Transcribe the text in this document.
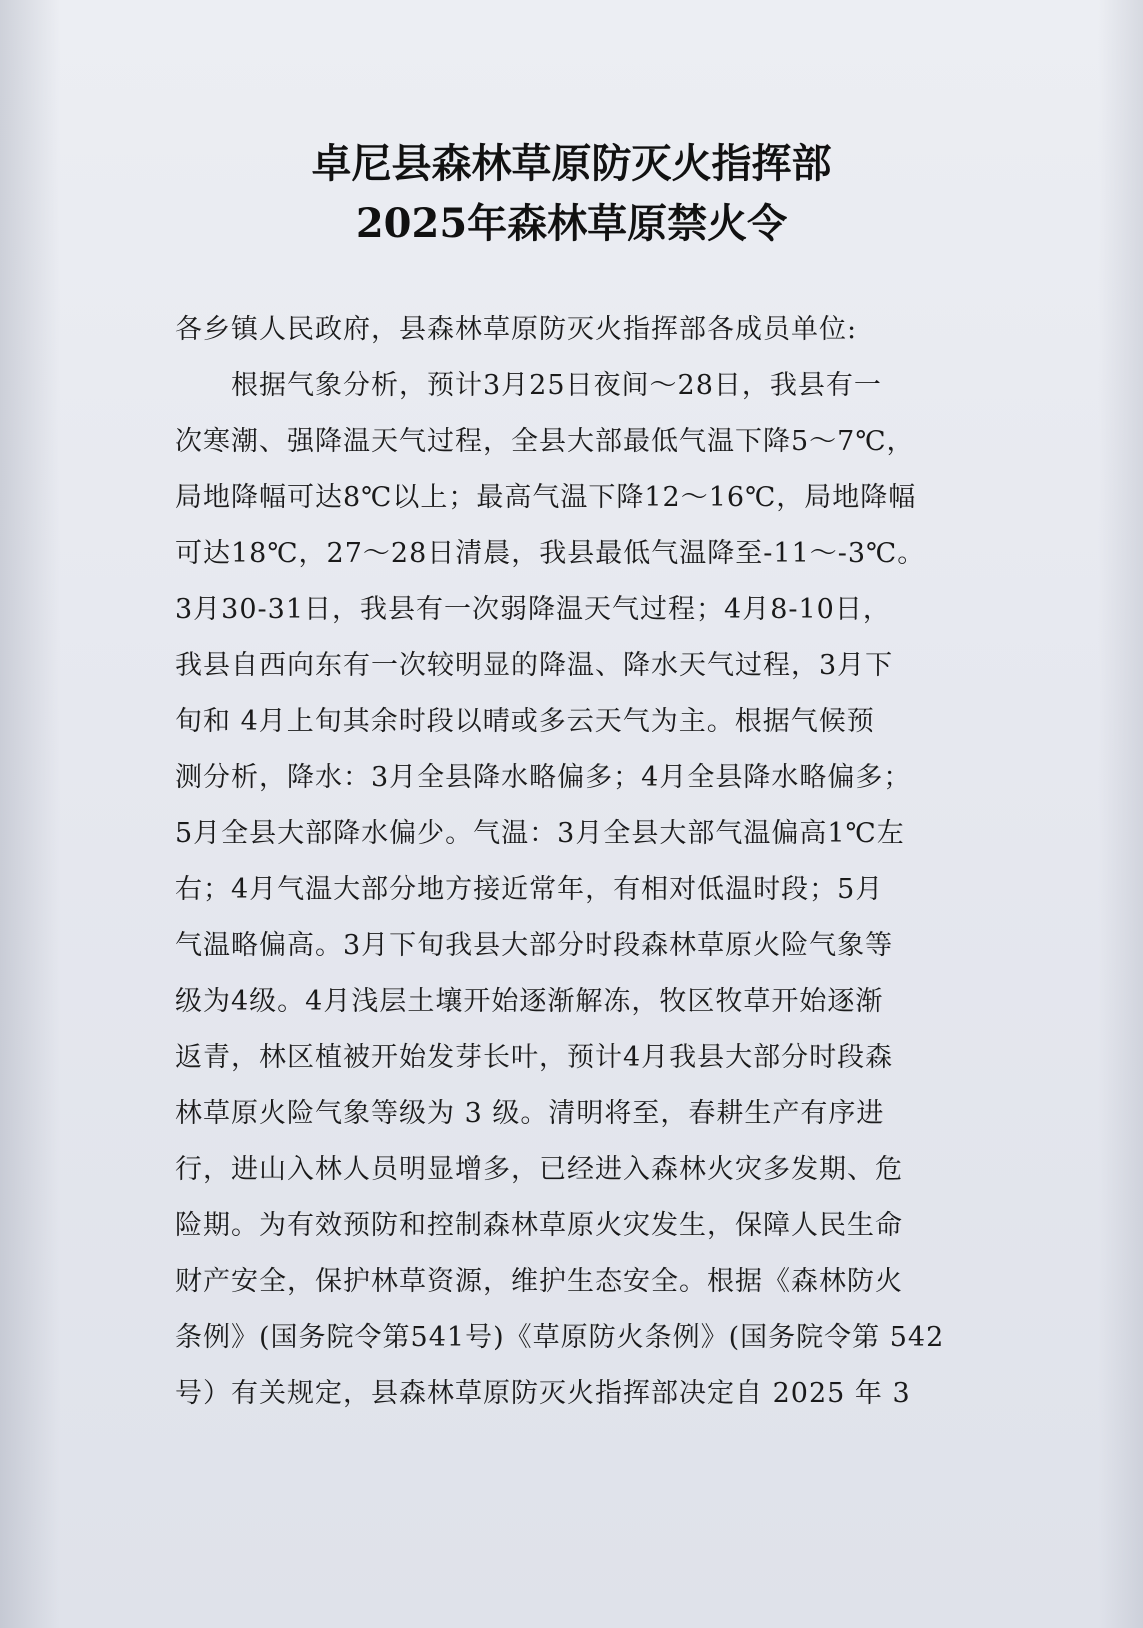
卓尼县森林草原防灭火指挥部
2025年森林草原禁火令
各乡镇人民政府，县森林草原防灭火指挥部各成员单位:
　　根据气象分析，预计3月25日夜间～28日，我县有一
次寒潮、强降温天气过程，全县大部最低气温下降5～7℃，
局地降幅可达8℃以上；最高气温下降12～16℃，局地降幅
可达18℃，27～28日清晨，我县最低气温降至-11～-3℃。
3月30-31日，我县有一次弱降温天气过程；4月8-10日，
我县自西向东有一次较明显的降温、降水天气过程，3月下
旬和 4月上旬其余时段以晴或多云天气为主。根据气候预
测分析，降水：3月全县降水略偏多；4月全县降水略偏多；
5月全县大部降水偏少。气温：3月全县大部气温偏高1℃左
右；4月气温大部分地方接近常年，有相对低温时段；5月
气温略偏高。3月下旬我县大部分时段森林草原火险气象等
级为4级。4月浅层土壤开始逐渐解冻，牧区牧草开始逐渐
返青，林区植被开始发芽长叶，预计4月我县大部分时段森
林草原火险气象等级为 3 级。清明将至，春耕生产有序进
行，进山入林人员明显增多，已经进入森林火灾多发期、危
险期。为有效预防和控制森林草原火灾发生，保障人民生命
财产安全，保护林草资源，维护生态安全。根据《森林防火
条例》(国务院令第541号)《草原防火条例》(国务院令第 542
号）有关规定，县森林草原防灭火指挥部决定自 2025 年 3
